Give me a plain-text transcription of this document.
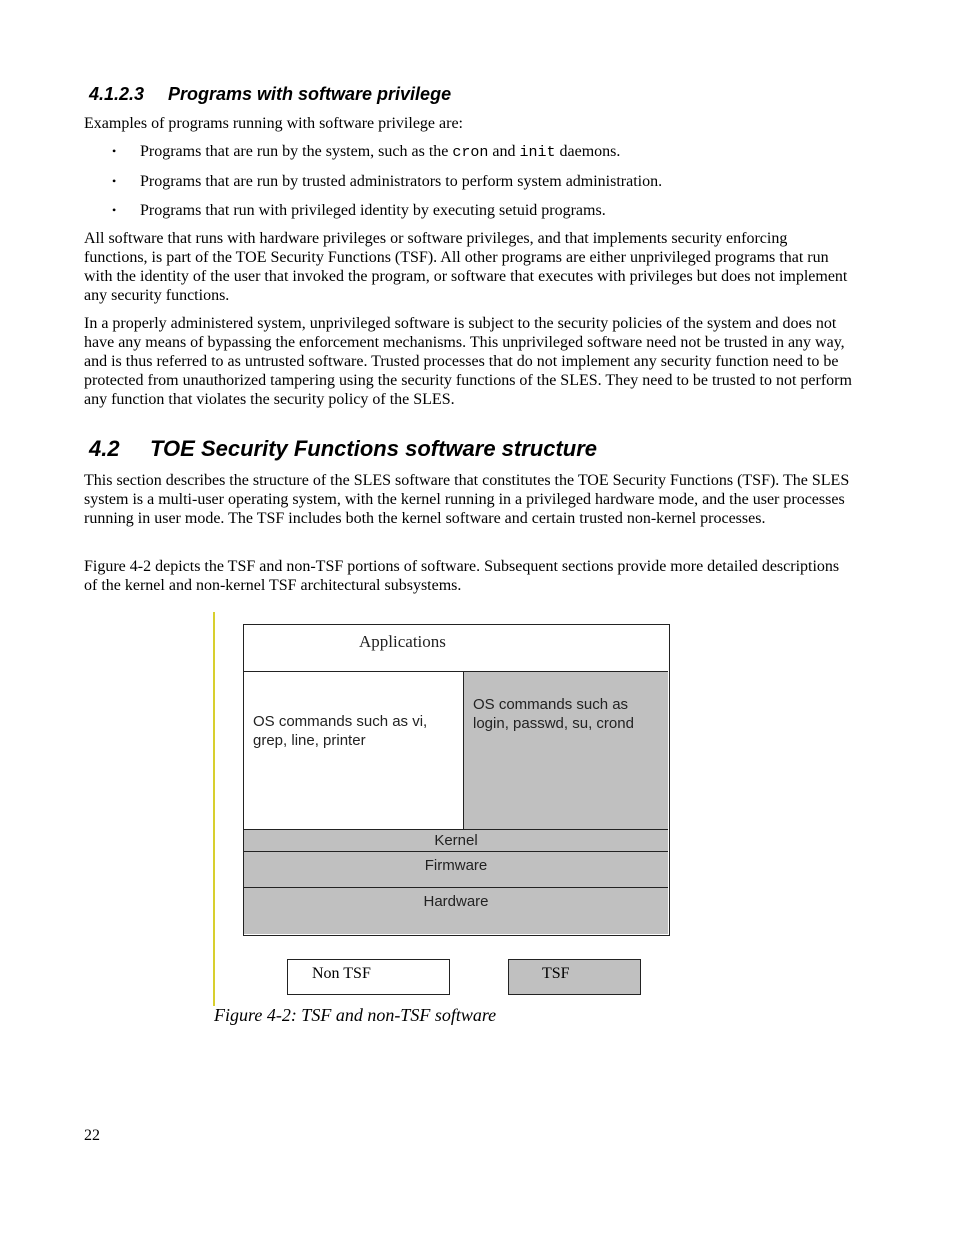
4.1.2.3 Programs with software privilege

Examples of programs running with software privilege are:

• Programs that are run by the system, such as the cron and init daemons.
• Programs that are run by trusted administrators to perform system administration.
• Programs that run with privileged identity by executing setuid programs.

All software that runs with hardware privileges or software privileges, and that implements security enforcing functions, is part of the TOE Security Functions (TSF). All other programs are either unprivileged programs that run with the identity of the user that invoked the program, or software that executes with privileges but does not implement any security functions.

In a properly administered system, unprivileged software is subject to the security policies of the system and does not have any means of bypassing the enforcement mechanisms. This unprivileged software need not be trusted in any way, and is thus referred to as untrusted software. Trusted processes that do not implement any security function need to be protected from unauthorized tampering using the security functions of the SLES. They need to be trusted to not perform any function that violates the security policy of the SLES.

4.2 TOE Security Functions software structure

This section describes the structure of the SLES software that constitutes the TOE Security Functions (TSF). The SLES system is a multi-user operating system, with the kernel running in a privileged hardware mode, and the user processes running in user mode. The TSF includes both the kernel software and certain trusted non-kernel processes.

Figure 4-2 depicts the TSF and non-TSF portions of software. Subsequent sections provide more detailed descriptions of the kernel and non-kernel TSF architectural subsystems.

Applications
OS commands such as vi, grep, line, printer
OS commands such as login, passwd, su, crond
Kernel
Firmware
Hardware
Non TSF	TSF
Figure 4-2: TSF and non-TSF software
22
